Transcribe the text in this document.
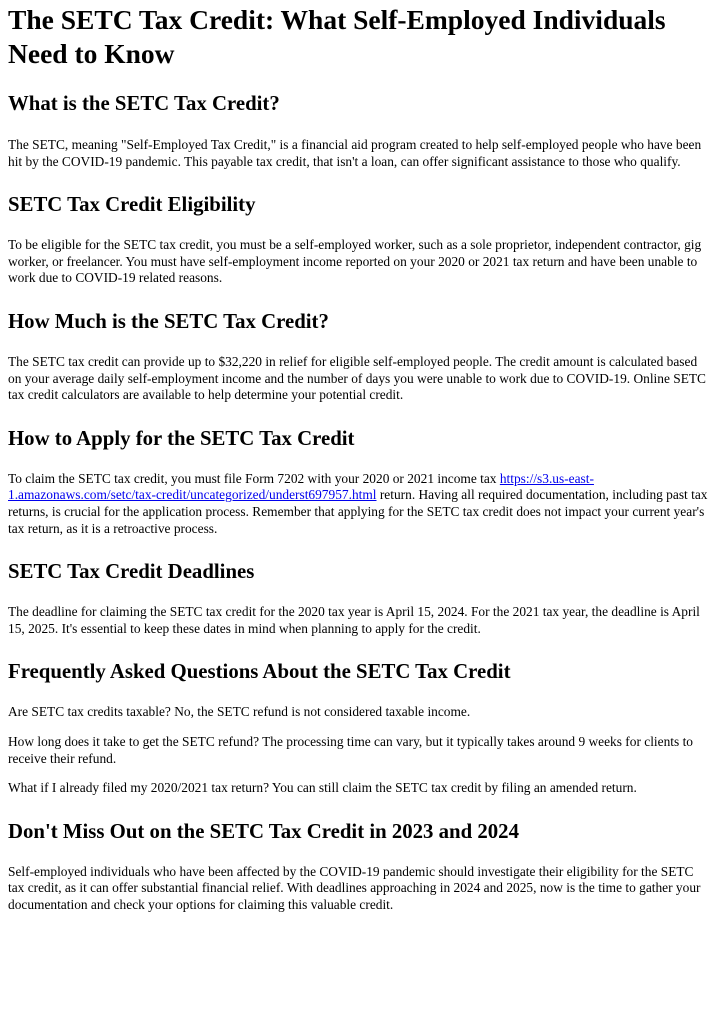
The SETC Tax Credit: What Self-Employed Individuals Need to Know
What is the SETC Tax Credit?

The SETC, meaning "Self-Employed Tax Credit," is a financial aid program created to help self-employed people who have been hit by the COVID-19 pandemic. This payable tax credit, that isn't a loan, can offer significant assistance to those who qualify.

SETC Tax Credit Eligibility

To be eligible for the SETC tax credit, you must be a self-employed worker, such as a sole proprietor, independent contractor, gig worker, or freelancer. You must have self-employment income reported on your 2020 or 2021 tax return and have been unable to work due to COVID-19 related reasons.

How Much is the SETC Tax Credit?

The SETC tax credit can provide up to $32,220 in relief for eligible self-employed people. The credit amount is calculated based on your average daily self-employment income and the number of days you were unable to work due to COVID-19. Online SETC tax credit calculators are available to help determine your potential credit.

How to Apply for the SETC Tax Credit

To claim the SETC tax credit, you must file Form 7202 with your 2020 or 2021 income tax https://s3.us-east-1.amazonaws.com/setc/tax-credit/uncategorized/underst697957.html return. Having all required documentation, including past tax returns, is crucial for the application process. Remember that applying for the SETC tax credit does not impact your current year's tax return, as it is a retroactive process.

SETC Tax Credit Deadlines

The deadline for claiming the SETC tax credit for the 2020 tax year is April 15, 2024. For the 2021 tax year, the deadline is April 15, 2025. It's essential to keep these dates in mind when planning to apply for the credit.

Frequently Asked Questions About the SETC Tax Credit

Are SETC tax credits taxable? No, the SETC refund is not considered taxable income.

How long does it take to get the SETC refund? The processing time can vary, but it typically takes around 9 weeks for clients to receive their refund.

What if I already filed my 2020/2021 tax return? You can still claim the SETC tax credit by filing an amended return.

Don't Miss Out on the SETC Tax Credit in 2023 and 2024

Self-employed individuals who have been affected by the COVID-19 pandemic should investigate their eligibility for the SETC tax credit, as it can offer substantial financial relief. With deadlines approaching in 2024 and 2025, now is the time to gather your documentation and check your options for claiming this valuable credit.
